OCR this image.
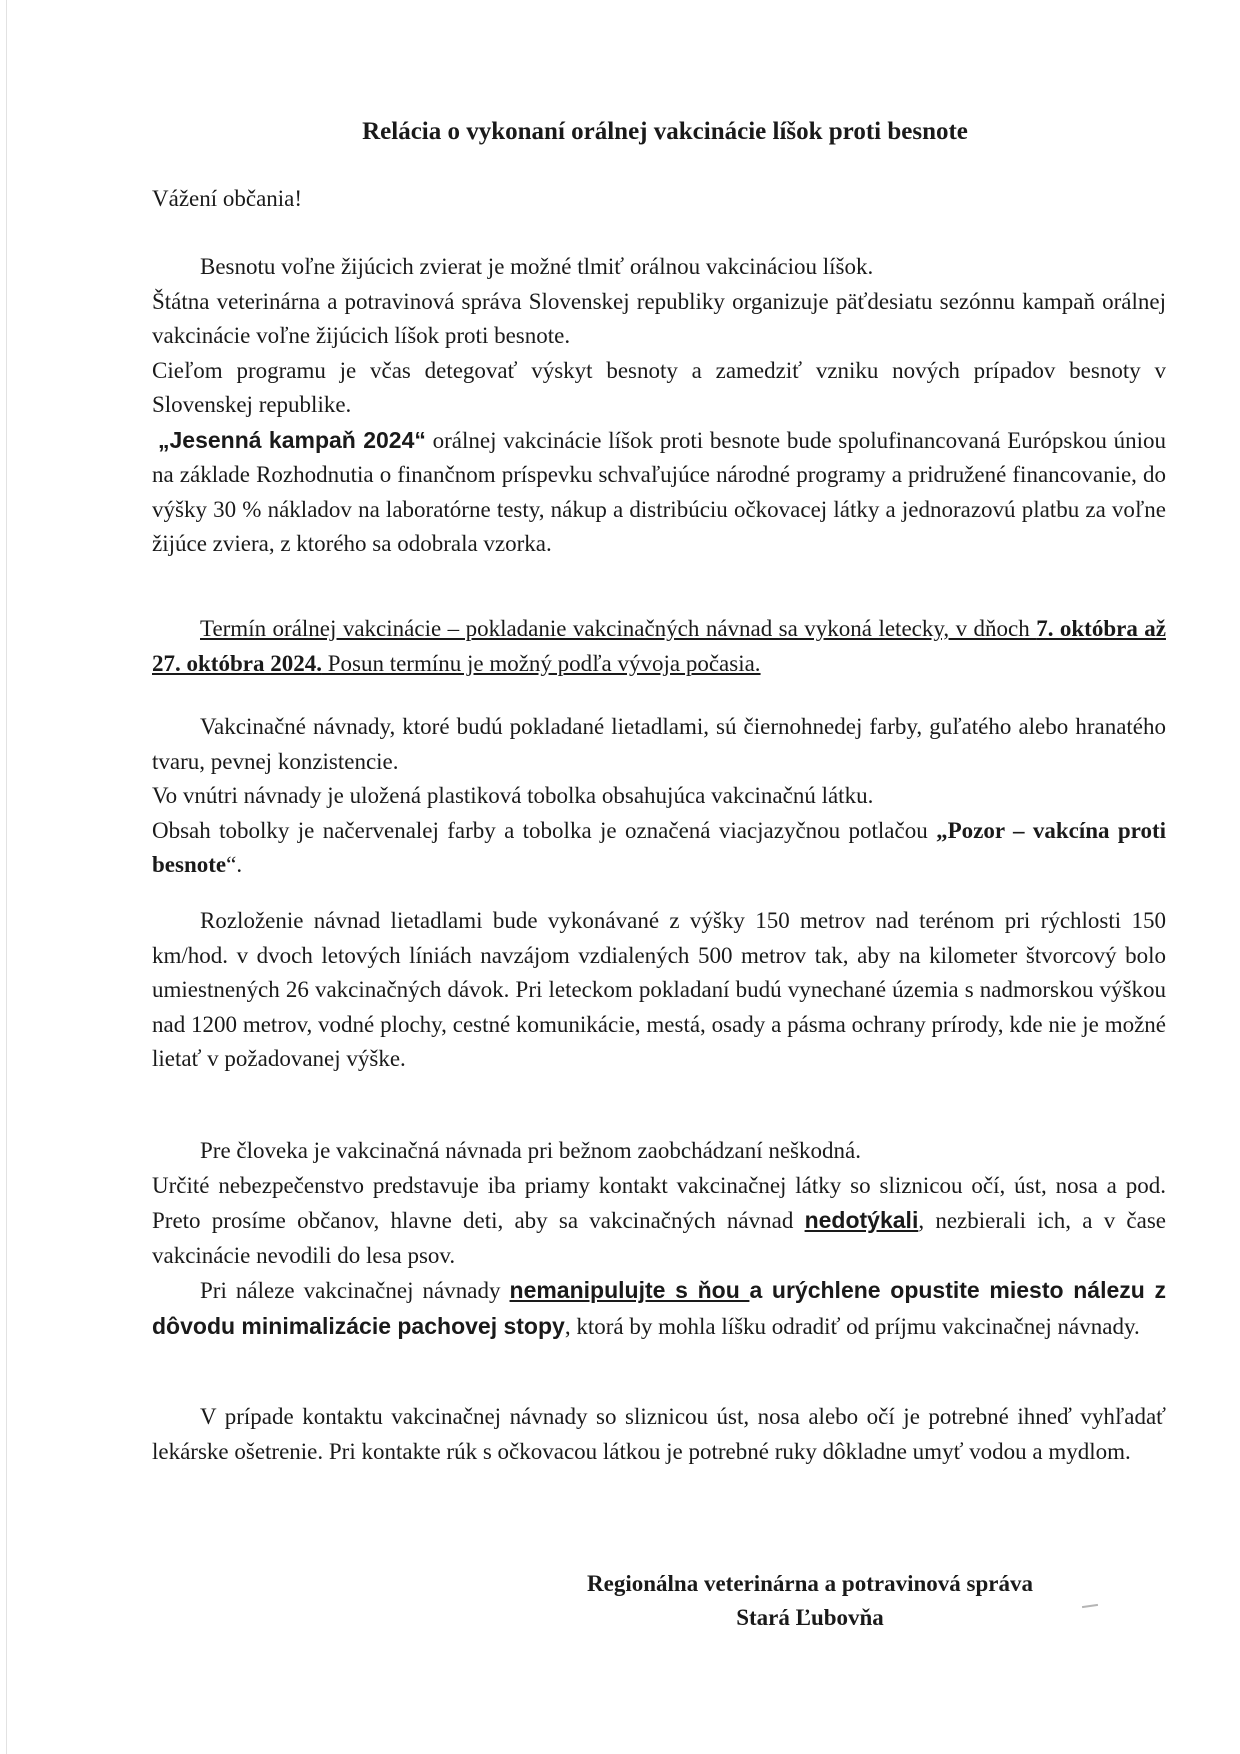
Relácia o vykonaní orálnej vakcinácie líšok proti besnote
Vážení občania!

Besnotu voľne žijúcich zvierat je možné tlmiť orálnou vakcináciou líšok.

Štátna veterinárna a potravinová správa Slovenskej republiky organizuje päťdesiatu sezónnu kampaň orálnej vakcinácie voľne žijúcich líšok proti besnote.

Cieľom programu je včas detegovať výskyt besnoty a zamedziť vzniku nových prípadov besnoty v Slovenskej republike.

„Jesenná kampaň 2024“ orálnej vakcinácie líšok proti besnote bude spolufinancovaná Európskou úniou na základe Rozhodnutia o finančnom príspevku schvaľujúce národné programy a pridružené financovanie, do výšky 30 % nákladov na laboratórne testy, nákup a distribúciu očkovacej látky a jednorazovú platbu za voľne žijúce zviera, z ktorého sa odobrala vzorka.

Termín orálnej vakcinácie – pokladanie vakcinačných návnad sa vykoná letecky, v dňoch 7. októbra až 27. októbra 2024. Posun termínu je možný podľa vývoja počasia.

Vakcinačné návnady, ktoré budú pokladané lietadlami, sú čiernohnedej farby, guľatého alebo hranatého tvaru, pevnej konzistencie.

Vo vnútri návnady je uložená plastiková tobolka obsahujúca vakcinačnú látku.

Obsah tobolky je načervenalej farby a tobolka je označená viacjazyčnou potlačou „Pozor – vakcína proti besnote“.

Rozloženie návnad lietadlami bude vykonávané z výšky 150 metrov nad terénom pri rýchlosti 150 km/hod. v dvoch letových líniách navzájom vzdialených 500 metrov tak, aby na kilometer štvorcový bolo umiestnených 26 vakcinačných dávok. Pri leteckom pokladaní budú vynechané územia s nadmorskou výškou nad 1200 metrov, vodné plochy, cestné komunikácie, mestá, osady a pásma ochrany prírody, kde nie je možné lietať v požadovanej výške.

Pre človeka je vakcinačná návnada pri bežnom zaobchádzaní neškodná.

Určité nebezpečenstvo predstavuje iba priamy kontakt vakcinačnej látky so sliznicou očí, úst, nosa a pod. Preto prosíme občanov, hlavne deti, aby sa vakcinačných návnad nedotýkali, nezbierali ich, a v čase vakcinácie nevodili do lesa psov.

Pri náleze vakcinačnej návnady nemanipulujte s ňou a urýchlene opustite miesto nálezu z dôvodu minimalizácie pachovej stopy, ktorá by mohla líšku odradiť od príjmu vakcinačnej návnady.

V prípade kontaktu vakcinačnej návnady so sliznicou úst, nosa alebo očí je potrebné ihneď vyhľadať lekárske ošetrenie. Pri kontakte rúk s očkovacou látkou je potrebné ruky dôkladne umyť vodou a mydlom.

Regionálna veterinárna a potravinová správa
Stará Ľubovňa
